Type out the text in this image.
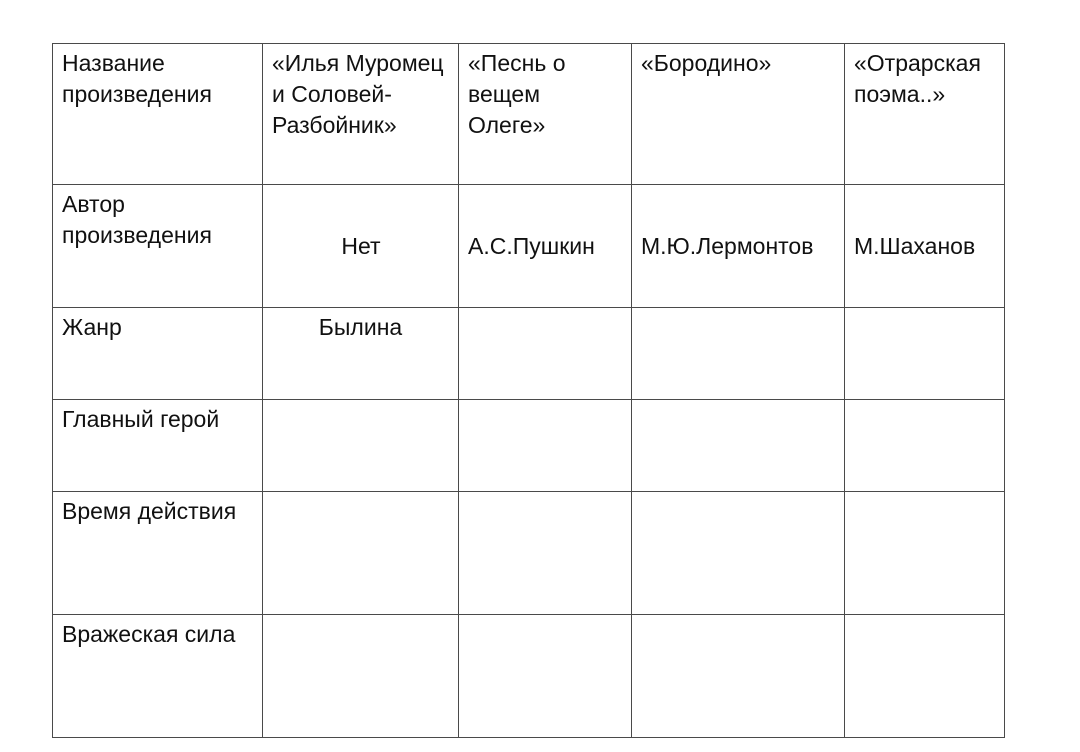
Название произведения	«Илья Муромец и Соловей-Разбойник»	«Песнь о вещем Олеге»	«Бородино»	«Отрарская поэма..»
Автор произведения	Нет	А.С.Пушкин	М.Ю.Лермонтов	М.Шаханов
Жанр	Былина			
Главный герой				
Время действия				
Вражеская сила				
